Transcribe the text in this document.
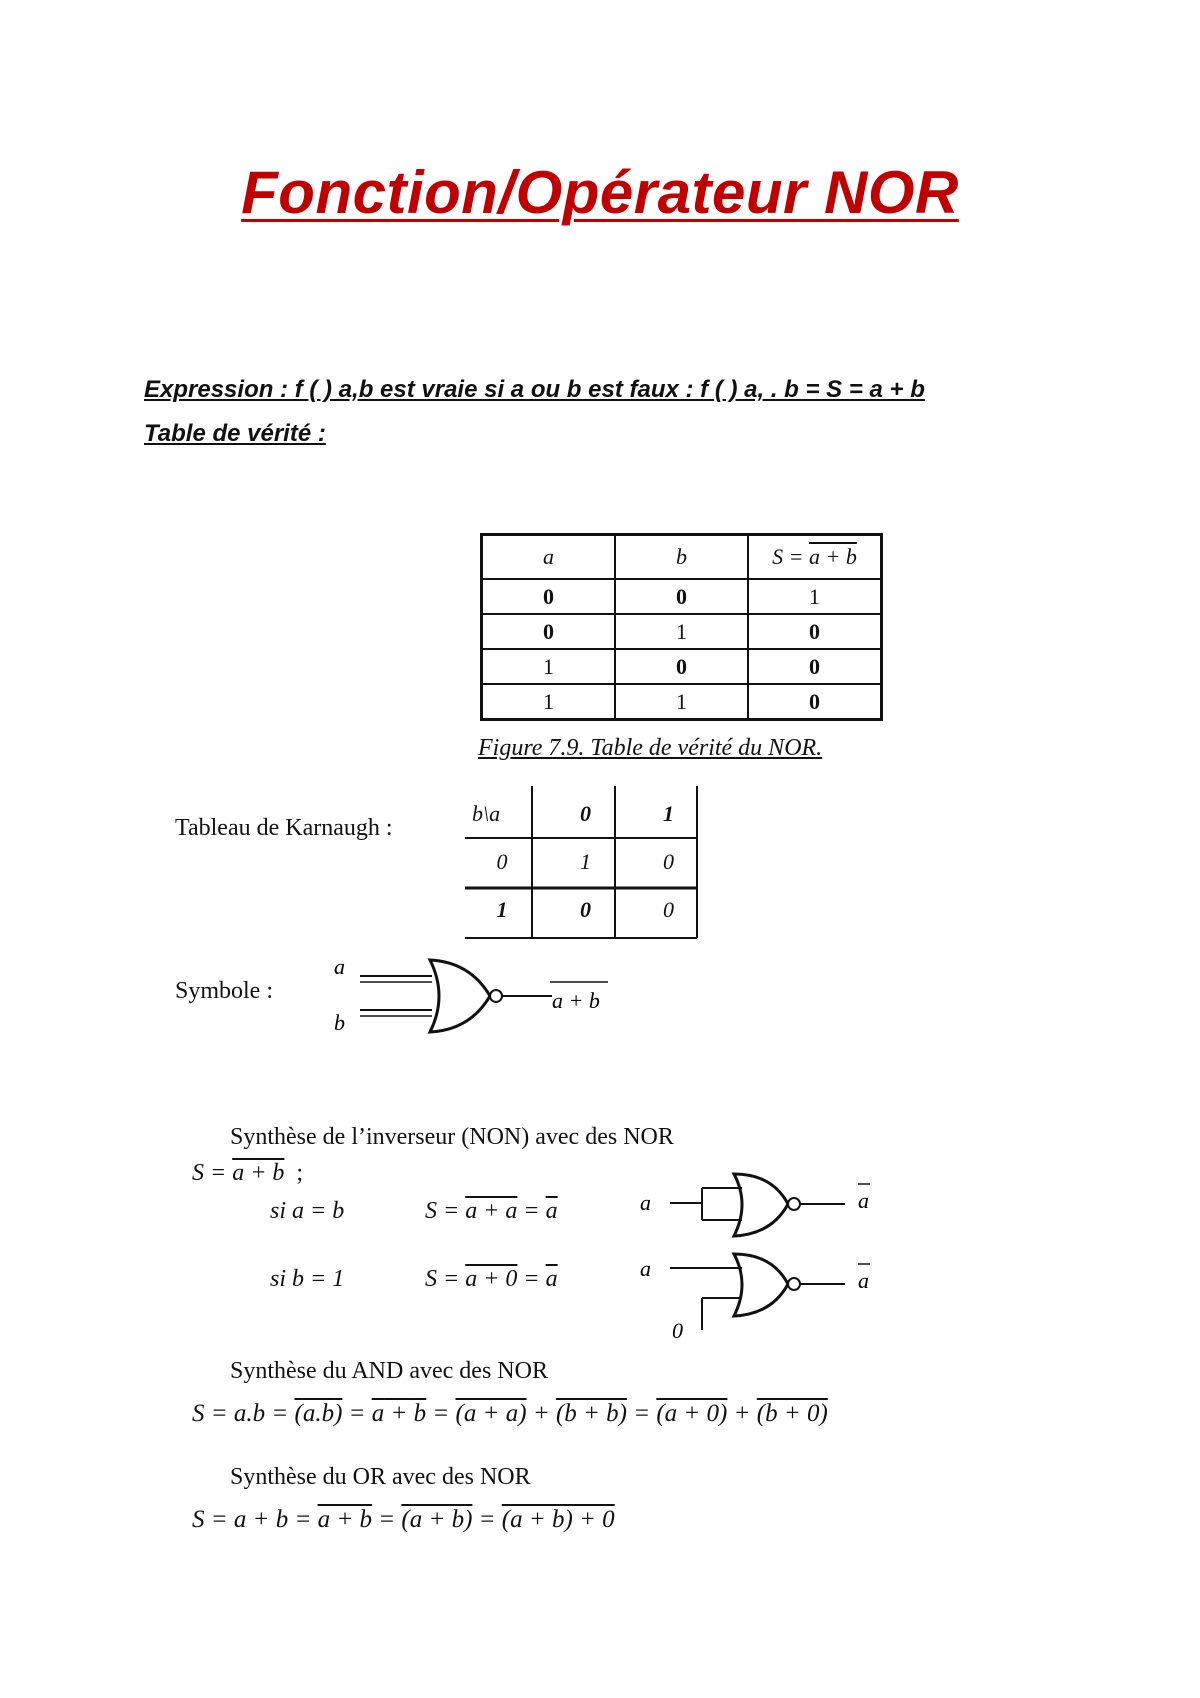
Fonction/Opérateur NOR
Expression : f ( ) a,b est vraie si a ou b est faux : f ( ) a, . b = S = a + b
Table de vérité :
a	b	S = a + b
0	0	1
0	1	0
1	0	0
1	1	0
Figure 7.9. Table de vérité du NOR.
Tableau de Karnaugh :
b\a	0	1
0	1	0
1	0	0
Symbole :
a
b
a + b
Synthèse de l’inverseur (NON) avec des NOR
S = a + b  ;
si a = b	$S = a + a = \overline{a}$
si b = 1	$S = a + 0 = \overline{a}$
a	a
a	a
0
Synthèse du AND avec des NOR
S = a.b = (a.b) = a + b = (a + a) + (b + b) = (a + 0) + (b + 0)
Synthèse du OR avec des NOR
S = a + b = a + b = (a + b) = (a + b) + 0
